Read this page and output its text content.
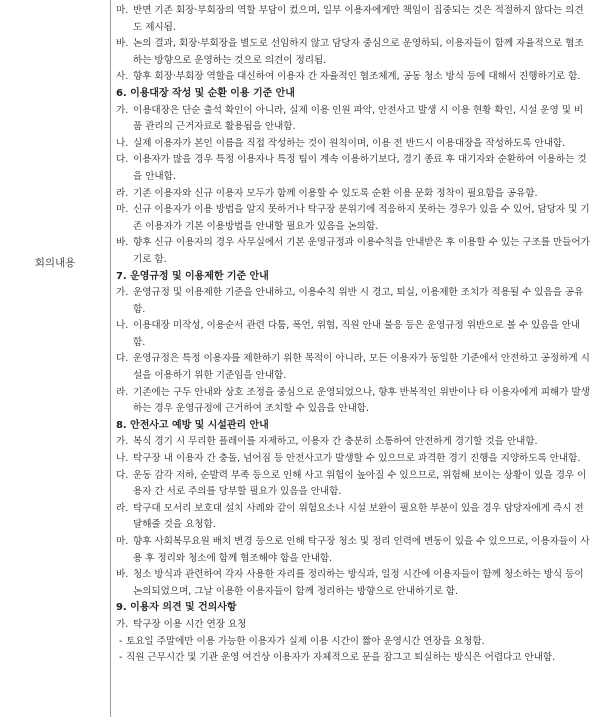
회의내용
마. 반면 기존 회장·부회장의 역할 부담이 컸으며, 일부 이용자에게만 책임이 집중되는 것은 적절하지 않다는 의견도 제시됨.
바. 논의 결과, 회장·부회장을 별도로 선임하지 않고 담당자 중심으로 운영하되, 이용자들이 함께 자율적으로 협조하는 방향으로 운영하는 것으로 의견이 정리됨.
사. 향후 회장·부회장 역할을 대신하여 이용자 간 자율적인 협조체계, 공동 청소 방식 등에 대해서 진행하기로 함.
6. 이용대장 작성 및 순환 이용 기준 안내
가. 이용대장은 단순 출석 확인이 아니라, 실제 이용 인원 파악, 안전사고 발생 시 이용 현황 확인, 시설 운영 및 비품 관리의 근거자료로 활용됨을 안내함.
나. 실제 이용자가 본인 이름을 직접 작성하는 것이 원칙이며, 이용 전 반드시 이용대장을 작성하도록 안내함.
다. 이용자가 많을 경우 특정 이용자나 특정 팀이 계속 이용하기보다, 경기 종료 후 대기자와 순환하여 이용하는 것을 안내함.
라. 기존 이용자와 신규 이용자 모두가 함께 이용할 수 있도록 순환 이용 문화 정착이 필요함을 공유함.
마. 신규 이용자가 이용 방법을 알지 못하거나 탁구장 분위기에 적응하지 못하는 경우가 있을 수 있어, 담당자 및 기존 이용자가 기본 이용방법을 안내할 필요가 있음을 논의함.
바. 향후 신규 이용자의 경우 사무실에서 기본 운영규정과 이용수칙을 안내받은 후 이용할 수 있는 구조를 만들어가기로 함.
7. 운영규정 및 이용제한 기준 안내
가. 운영규정 및 이용제한 기준을 안내하고, 이용수칙 위반 시 경고, 퇴실, 이용제한 조치가 적용될 수 있음을 공유함.
나. 이용대장 미작성, 이용순서 관련 다툼, 폭언, 위협, 직원 안내 불응 등은 운영규정 위반으로 볼 수 있음을 안내함.
다. 운영규정은 특정 이용자를 제한하기 위한 목적이 아니라, 모든 이용자가 동일한 기준에서 안전하고 공정하게 시설을 이용하기 위한 기준임을 안내함.
라. 기존에는 구두 안내와 상호 조정을 중심으로 운영되었으나, 향후 반복적인 위반이나 타 이용자에게 피해가 발생하는 경우 운영규정에 근거하여 조치할 수 있음을 안내함.
8. 안전사고 예방 및 시설관리 안내
가. 복식 경기 시 무리한 플레이를 자제하고, 이용자 간 충분히 소통하여 안전하게 경기할 것을 안내함.
나. 탁구장 내 이용자 간 충돌, 넘어짐 등 안전사고가 발생할 수 있으므로 과격한 경기 진행을 지양하도록 안내함.
다. 운동 감각 저하, 순발력 부족 등으로 인해 사고 위험이 높아질 수 있으므로, 위험해 보이는 상황이 있을 경우 이용자 간 서로 주의를 당부할 필요가 있음을 안내함.
라. 탁구대 모서리 보호대 설치 사례와 같이 위험요소나 시설 보완이 필요한 부분이 있을 경우 담당자에게 즉시 전달해줄 것을 요청함.
마. 향후 사회복무요원 배치 변경 등으로 인해 탁구장 청소 및 정리 인력에 변동이 있을 수 있으므로, 이용자들이 사용 후 정리와 청소에 함께 협조해야 함을 안내함.
바. 청소 방식과 관련하여 각자 사용한 자리를 정리하는 방식과, 일정 시간에 이용자들이 함께 청소하는 방식 등이 논의되었으며, 그날 이용한 이용자들이 함께 정리하는 방향으로 안내하기로 함.
9. 이용자 의견 및 건의사항
가. 탁구장 이용 시간 연장 요청
- 토요일 주말에만 이용 가능한 이용자가 실제 이용 시간이 짧아 운영시간 연장을 요청함.
- 직원 근무시간 및 기관 운영 여건상 이용자가 자체적으로 문을 잠그고 퇴실하는 방식은 어렵다고 안내함.
